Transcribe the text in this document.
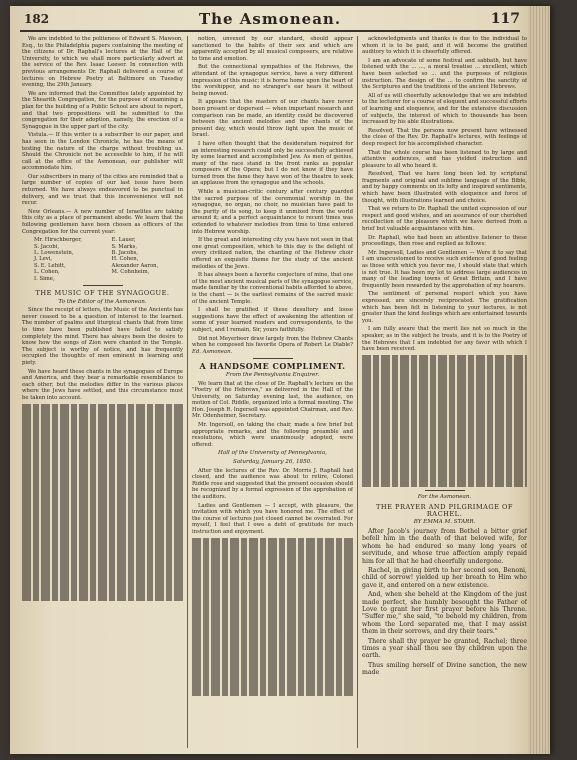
182	The Asmonean.	117

We are indebted to the politeness of Edward S. Mawson, Esq., to the Philadelphia papers containing the meeting of the citizens of Dr. Raphall's lectures at the Hall of the University, to which we shall more particularly advert at the service of the Rev. Isaac Leeser. In connection with previous arrangements Dr. Raphall delivered a course of lectures on Hebrew Poetry at Baltimore on Tuesday evening, the 29th January.

We are informed that the Committee lately appointed by the Shearith Congregation, for the purpose of examining a plan for the building of a Public School are about to report, and that two propositions will be submitted to the congregation for their adoption, namely, the erection of a Synagogue in the upper part of the city.

Vistula.— If this writer is a subscriber to our paper, and has seen in the London Chronicle, he has the means of testing the nature of the charge without troubling us. Should the Chronicle not be accessible to him, if he will call at the office of the Asmonean, our publisher will accommodate him.

Our subscribers in many of the cities are reminded that a large number of copies of our last issue have been returned. We have always endeavored to be punctual in delivery, and we trust that this inconvenience will not recur.

New Orleans.— A new number of Israelites are taking this city as a place of permanent abode. We learn that the following gentlemen have been chosen as officers of the Congregation for the current year:

Mr. Hirschberger,	E. Lauer,
S. Jacobi,	S. Marks,
L. Lowenstein,	B. Jacobs,
J. Levi,	H. Cohen,
S. E. Lehitt,	Alexander Aaron,
L. Cohen,	M. Cohnheim,
I. Sime,
THE MUSIC OF THE SYNAGOGUE.
To the Editor of the Asmonean.

Since the receipt of letters, the Music of the Ancients has never ceased to be a question of interest to the learned. The number of psalms and liturgical chants that from time to time have been published have failed to satisfy completely the mind. There has always been the desire to know how the songs of Zion were chanted in the Temple. The subject is worthy of notice, and has frequently occupied the thoughts of men eminent in learning and piety.

We have heard these chants in the synagogues of Europe and America, and they bear a remarkable resemblance to each other; but the melodies differ in the various places where the Jews have settled, and this circumstance must be taken into account.

notion, unvexed by our standard, should appear sanctioned to the habits of their sex and which are apparently accepted by all musical composers, are relative to time and emotion.

But the connectional sympathies of the Hebrews, the attendant of the synagogue service, have a very different impression of this music; it is borne home upon the heart of the worshipper, and no stranger's ear hears it without being moved.

It appears that the masters of our chants have never been present or dispersed — when important research and comparison can be made, an identity could be discovered between the ancient melodies and the chants of the present day, which would throw light upon the music of Israel.

I have often thought that the desideratum required for an interesting research could only be successfully achieved by some learned and accomplished Jew. As men of genius, many of the race stand in the front ranks as popular composers of the Opera; but I do not know if they have turned from the fame they have won of the theatre to seek an applause from the synagogue and the schools.

While a musician-critic century after century guarded the sacred purpose of the ceremonial worship in the synagogue, no organ, no choir, no musician have paid to the purity of its song, to keep it unmixed from the world around it; and a perfect acquaintance to recent times was extended to whatever melodies from time to time entered into Hebrew worship.

If the great and interesting city you have not seen in that one great composition, which to this day is the delight of every civilized nation, the chanting of the Hebrew choir offered an exquisite theme for the study of the ancient melodies of the Jews.

It has always been a favorite conjecture of mine, that one of the most ancient musical parts of the synagogue service, made familiar by the conventional habits afforded to above, is the chant — is the earliest remains of the sacred music of the ancient Temple.

I shall be gratified if these desultory and loose suggestions have the effect of awakening the attention of some of your learned readers and correspondents, to the subject, and I remain, Sir, yours faithfully.

Did not Meyerbeer draw largely from the Hebrew Chants when he composed his favorite Opera of Robert Le Diable? Ed. Asmonean.

A HANDSOME COMPLIMENT.
From the Pennsylvania Enquirer.

We learn that at the close of Dr. Raphall's lecture on the "Poetry of the Hebrews," as delivered in the Hall of the University, on Saturday evening last, the audience, on motion of Col. Riddle, organized into a formal meeting. The Hon. Joseph R. Ingersoll was appointed Chairman, and Rev. Mr. Odenheimer, Secretary.

Mr. Ingersoll, on taking the chair, made a few brief but appropriate remarks, and the following preamble and resolutions, which were unanimously adopted, were offered:

Hall of the University of Pennsylvania,
Saturday, January 26, 1850.

After the lectures of the Rev. Dr. Morris J. Raphall had closed, and the audience was about to retire, Colonel Riddle rose and suggested that the present occasion should be recognized by a formal expression of the approbation of the auditors.

Ladies and Gentlemen — I accept, with pleasure, the invitation with which you have honored me. The effect of the course of lectures just closed cannot be overrated. For myself, I feel that I owe a debt of gratitude for much instruction and enjoyment.

acknowledgments and thanks is due to the individual to whom it is to be paid, and it will become the gratified auditory to which it is cheerfully offered.

I am an advocate of some festival and sabbath, but have listened with the ... ..., a moral treatise ... excellent, which have been selected so ... and the purposes of religious instruction. The design of the ... to confirm the sanctity of the Scriptures and the traditions of the ancient Hebrews.

All of us will cheerfully acknowledge that we are indebted to the lecturer for a course of eloquent and successful efforts of learning and eloquence, and for the extensive discussion of subjects, the interest of which to thousands has been increased by his able illustrations.

Resolved, That the persons now present have witnessed the close of the Rev. Dr. Raphall's lectures, with feelings of deep respect for his accomplished character.

That the whole course has been listened to by large and attentive audiences, and has yielded instruction and pleasure to all who heard it.

Resolved, That we have long been led by scriptural fragments and original and sublime language of the Bible, and by happy comments on its lofty and inspired sentiments, which have been illustrated with eloquence and force of thought, with illustrations learned and choice.

That we return to Dr. Raphall the united expression of our respect and good wishes, and an assurance of our cherished recollection of the pleasure which we have derived from a brief but valuable acquaintance with him.

Dr. Raphall, who had been an attentive listener to these proceedings, then rose and replied as follows:

Mr. Ingersoll, Ladies and Gentlemen — Were it to say that I am unaccustomed to receive such evidence of good feeling as those with which you favor me, I should state that which is not true. It has been my lot to address large audiences in many of the leading towns of Great Britain, and I have frequently been rewarded by the approbation of my hearers.

The sentiment of personal respect which you have expressed, are sincerely reciprocated. The gratification which has been felt in listening to your lectures, is not greater than the kind feelings which are entertained towards you.

I am fully aware that the merit lies not so much in the speaker, as in the subject he treats, and it is to the Poetry of the Hebrews that I am indebted for any favor with which I have been received.

For the Asmonean.
THE PRAYER AND PILGRIMAGE OF RACHEL.
BY EMMA M. STARR.

After Jacob's journey from Bethel a bitter grief befell him in the death of that beloved wife, for whom he had endured so many long years of servitude, and whose true affection amply repaid him for all that he had cheerfully undergone.

Rachel, in giving birth to her second son, Benoni, child of sorrow! yielded up her breath to Him who gave it, and entered on a new existence.

And, when she beheld at the Kingdom of the just made perfect, she humbly besought the Father of Love to grant her first prayer before his Throne. "Suffer me," she said, "to behold my children, from whom the Lord separated me, that I may assist them in their sorrows, and dry their tears."

There shall thy prayer be granted, Rachel; three times a year shall thou see thy children upon the earth.

Thus smiling herself of Divine sanction, the new made
